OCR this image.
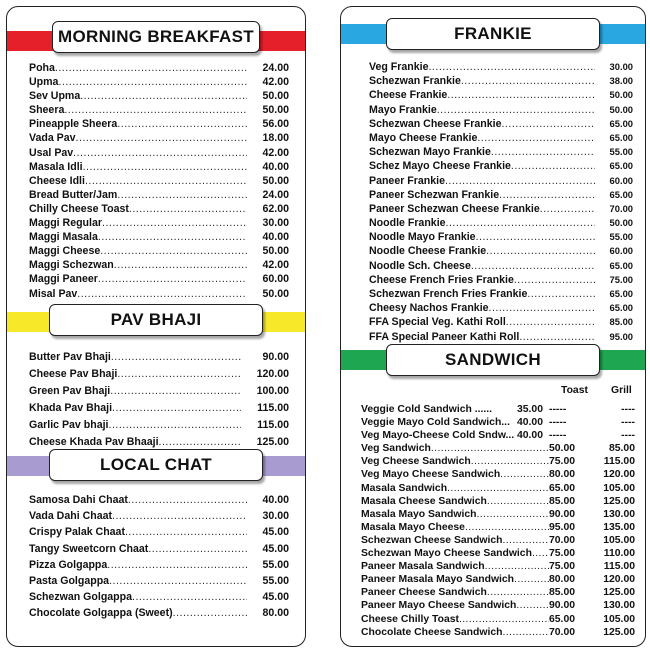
MORNING BREAKFAST
Poha .....	24.00
Upma .....	42.00
Sev Upma .....	50.00
Sheera .....	50.00
Pineapple Sheera .....	56.00
Vada Pav .....	18.00
Usal Pav .....	42.00
Masala Idli .....	40.00
Cheese Idli .....	50.00
Bread Butter/Jam .....	24.00
Chilly Cheese Toast .....	62.00
Maggi Regular .....	30.00
Maggi Masala .....	40.00
Maggi Cheese .....	50.00
Maggi Schezwan .....	42.00
Maggi Paneer .....	60.00
Misal Pav .....	50.00
PAV BHAJI
Butter Pav Bhaji .....	90.00
Cheese Pav Bhaji .....	120.00
Green Pav Bhaji .....	100.00
Khada Pav Bhaji .....	115.00
Garlic Pav bhaji .....	115.00
Cheese Khada Pav Bhaaji .....	125.00
LOCAL CHAT
Samosa Dahi Chaat .....	40.00
Vada Dahi Chaat .....	30.00
Crispy Palak Chaat .....	45.00
Tangy Sweetcorn Chaat .....	45.00
Pizza Golgappa .....	55.00
Pasta Golgappa .....	55.00
Schezwan Golgappa .....	45.00
Chocolate Golgappa (Sweet) .....	80.00
FRANKIE
Veg Frankie .....	30.00
Schezwan Frankie .....	38.00
Cheese Frankie .....	50.00
Mayo Frankie .....	50.00
Schezwan Cheese Frankie .....	65.00
Mayo Cheese Frankie .....	65.00
Schezwan Mayo Frankie .....	55.00
Schez Mayo Cheese Frankie .....	65.00
Paneer Frankie .....	60.00
Paneer Schezwan Frankie .....	65.00
Paneer Schezwan Cheese Frankie .....	70.00
Noodle Frankie .....	50.00
Noodle Mayo Frankie .....	55.00
Noodle Cheese Frankie .....	60.00
Noodle Sch. Cheese .....	65.00
Cheese French Fries Frankie .....	75.00
Schezwan French Fries Frankie .....	65.00
Cheesy Nachos Frankie .....	65.00
FFA Special Veg. Kathi Roll .....	85.00
FFA Special Paneer Kathi Roll .....	95.00
SANDWICH
Toast Grill
Veggie Cold Sandwich ......	35.00 -----	----
Veggie Mayo Cold Sandwich... 40.00 -----	----
Veg Mayo-Cheese Cold Sndw... 40.00 -----	----
Veg Sandwich .....	50.00	85.00
Veg Cheese Sandwich .....	75.00	115.00
Veg Mayo Cheese Sandwich .....	80.00	120.00
Masala Sandwich .....	65.00	105.00
Masala Cheese Sandwich .....	85.00	125.00
Masala Mayo Sandwich .....	90.00	130.00
Masala Mayo Cheese .....	95.00	135.00
Schezwan Cheese Sandwich .....	70.00	105.00
Schezwan Mayo Cheese Sandwich ..... 75.00	110.00
Paneer Masala Sandwich .....	75.00	115.00
Paneer Masala Mayo Sandwich .....	80.00	120.00
Paneer Cheese Sandwich .....	85.00	125.00
Paneer Mayo Cheese Sandwich .....	90.00	130.00
Cheese Chilly Toast .....	65.00	105.00
Chocolate Cheese Sandwich .....	70.00	125.00
